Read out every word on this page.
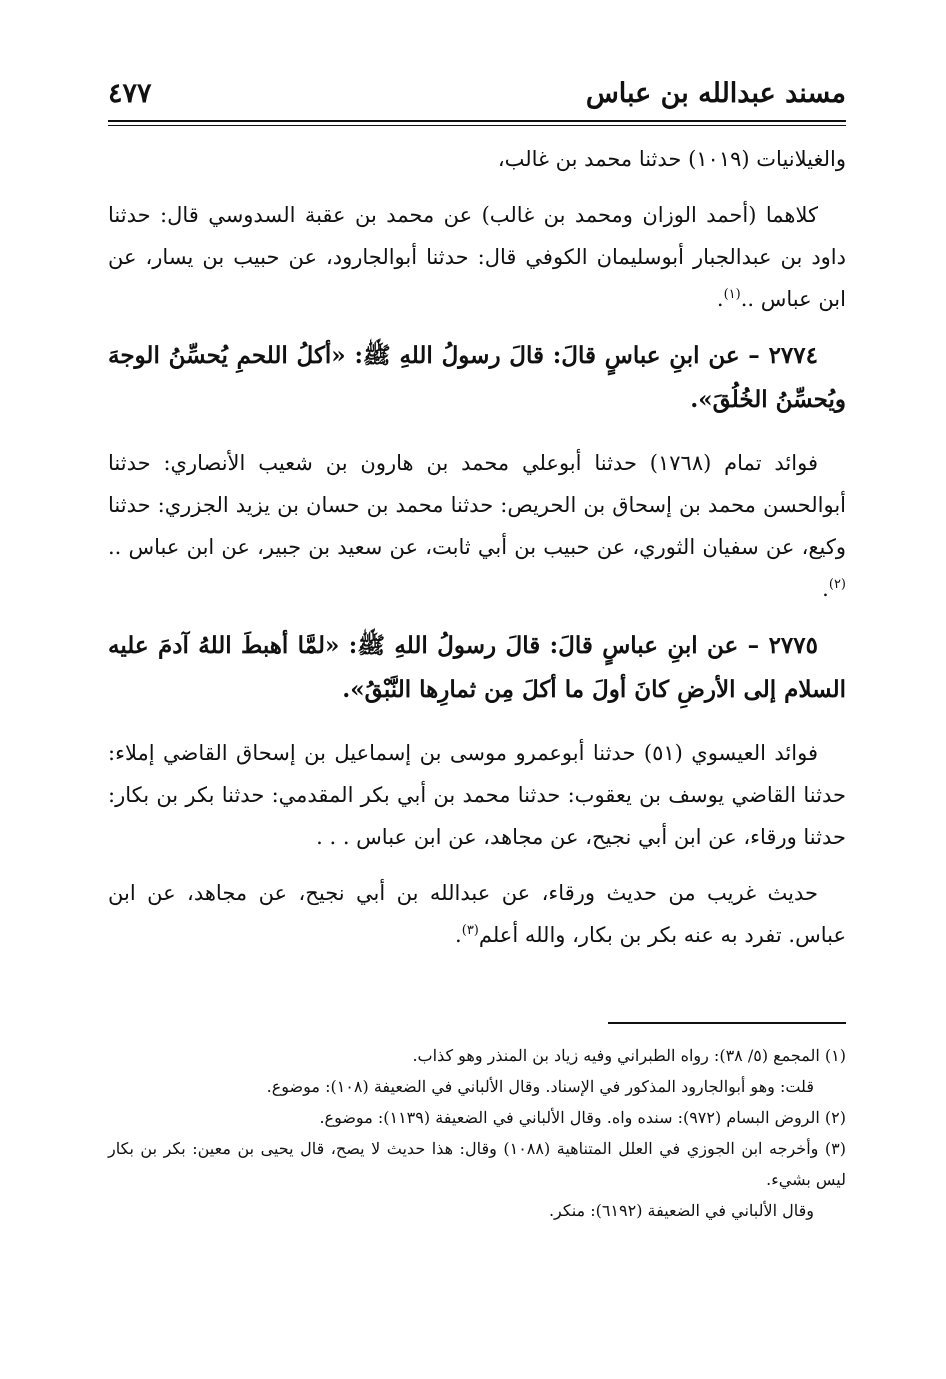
مسند عبدالله بن عباس
٤٧٧

والغيلانيات (١٠١٩) حدثنا محمد بن غالب،

كلاهما (أحمد الوزان ومحمد بن غالب) عن محمد بن عقبة السدوسي قال: حدثنا داود بن عبدالجبار أبوسليمان الكوفي قال: حدثنا أبوالجارود، عن حبيب بن يسار، عن ابن عباس ..$^{(١)}$.

٢٧٧٤ – عن ابنِ عباسٍ قالَ: قالَ رسولُ اللهِ ﷺ: «أكلُ اللحمِ يُحسِّنُ الوجهَ ويُحسِّنُ الخُلُقَ».

فوائد تمام (١٧٦٨) حدثنا أبوعلي محمد بن هارون بن شعيب الأنصاري: حدثنا أبوالحسن محمد بن إسحاق بن الحريص: حدثنا محمد بن حسان بن يزيد الجزري: حدثنا وكيع، عن سفيان الثوري، عن حبيب بن أبي ثابت، عن سعيد بن جبير، عن ابن عباس ..$^{(٢)}$.

٢٧٧٥ – عن ابنِ عباسٍ قالَ: قالَ رسولُ اللهِ ﷺ: «لمَّا أهبطَ اللهُ آدمَ عليه السلام إلى الأرضِ كانَ أولَ ما أكلَ مِن ثمارِها النَّبْقُ».

فوائد العيسوي (٥١) حدثنا أبوعمرو موسى بن إسماعيل بن إسحاق القاضي إملاء: حدثنا القاضي يوسف بن يعقوب: حدثنا محمد بن أبي بكر المقدمي: حدثنا بكر بن بكار: حدثنا ورقاء، عن ابن أبي نجيح، عن مجاهد، عن ابن عباس . . .

حديث غريب من حديث ورقاء، عن عبدالله بن أبي نجيح، عن مجاهد، عن ابن عباس. تفرد به عنه بكر بن بكار، والله أعلم$^{(٣)}$.

(١) المجمع (٥/ ٣٨): رواه الطبراني وفيه زياد بن المنذر وهو كذاب.

قلت: وهو أبوالجارود المذكور في الإسناد. وقال الألباني في الضعيفة (١٠٨): موضوع.

(٢) الروض البسام (٩٧٢): سنده واه. وقال الألباني في الضعيفة (١١٣٩): موضوع.

(٣) وأخرجه ابن الجوزي في العلل المتناهية (١٠٨٨) وقال: هذا حديث لا يصح، قال يحيى بن معين: بكر بن بكار ليس بشيء.

وقال الألباني في الضعيفة (٦١٩٢): منكر.
